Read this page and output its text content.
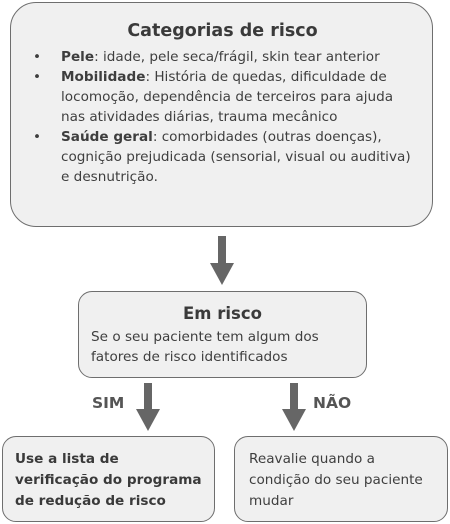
Categorias de risco
• Pele: idade, pele seca/frágil, skin tear anterior
• Mobilidade: História de quedas, dificuldade de locomoção, dependência de terceiros para ajuda nas atividades diárias, trauma mecânico
• Saúde geral: comorbidades (outras doenças), cognição prejudicada (sensorial, visual ou auditiva) e desnutrição.
Em risco
Se o seu paciente tem algum dos fatores de risco identificados
SIM	NÃO
Use a lista de verificação do programa de redução de risco
Reavalie quando a condição do seu paciente mudar
